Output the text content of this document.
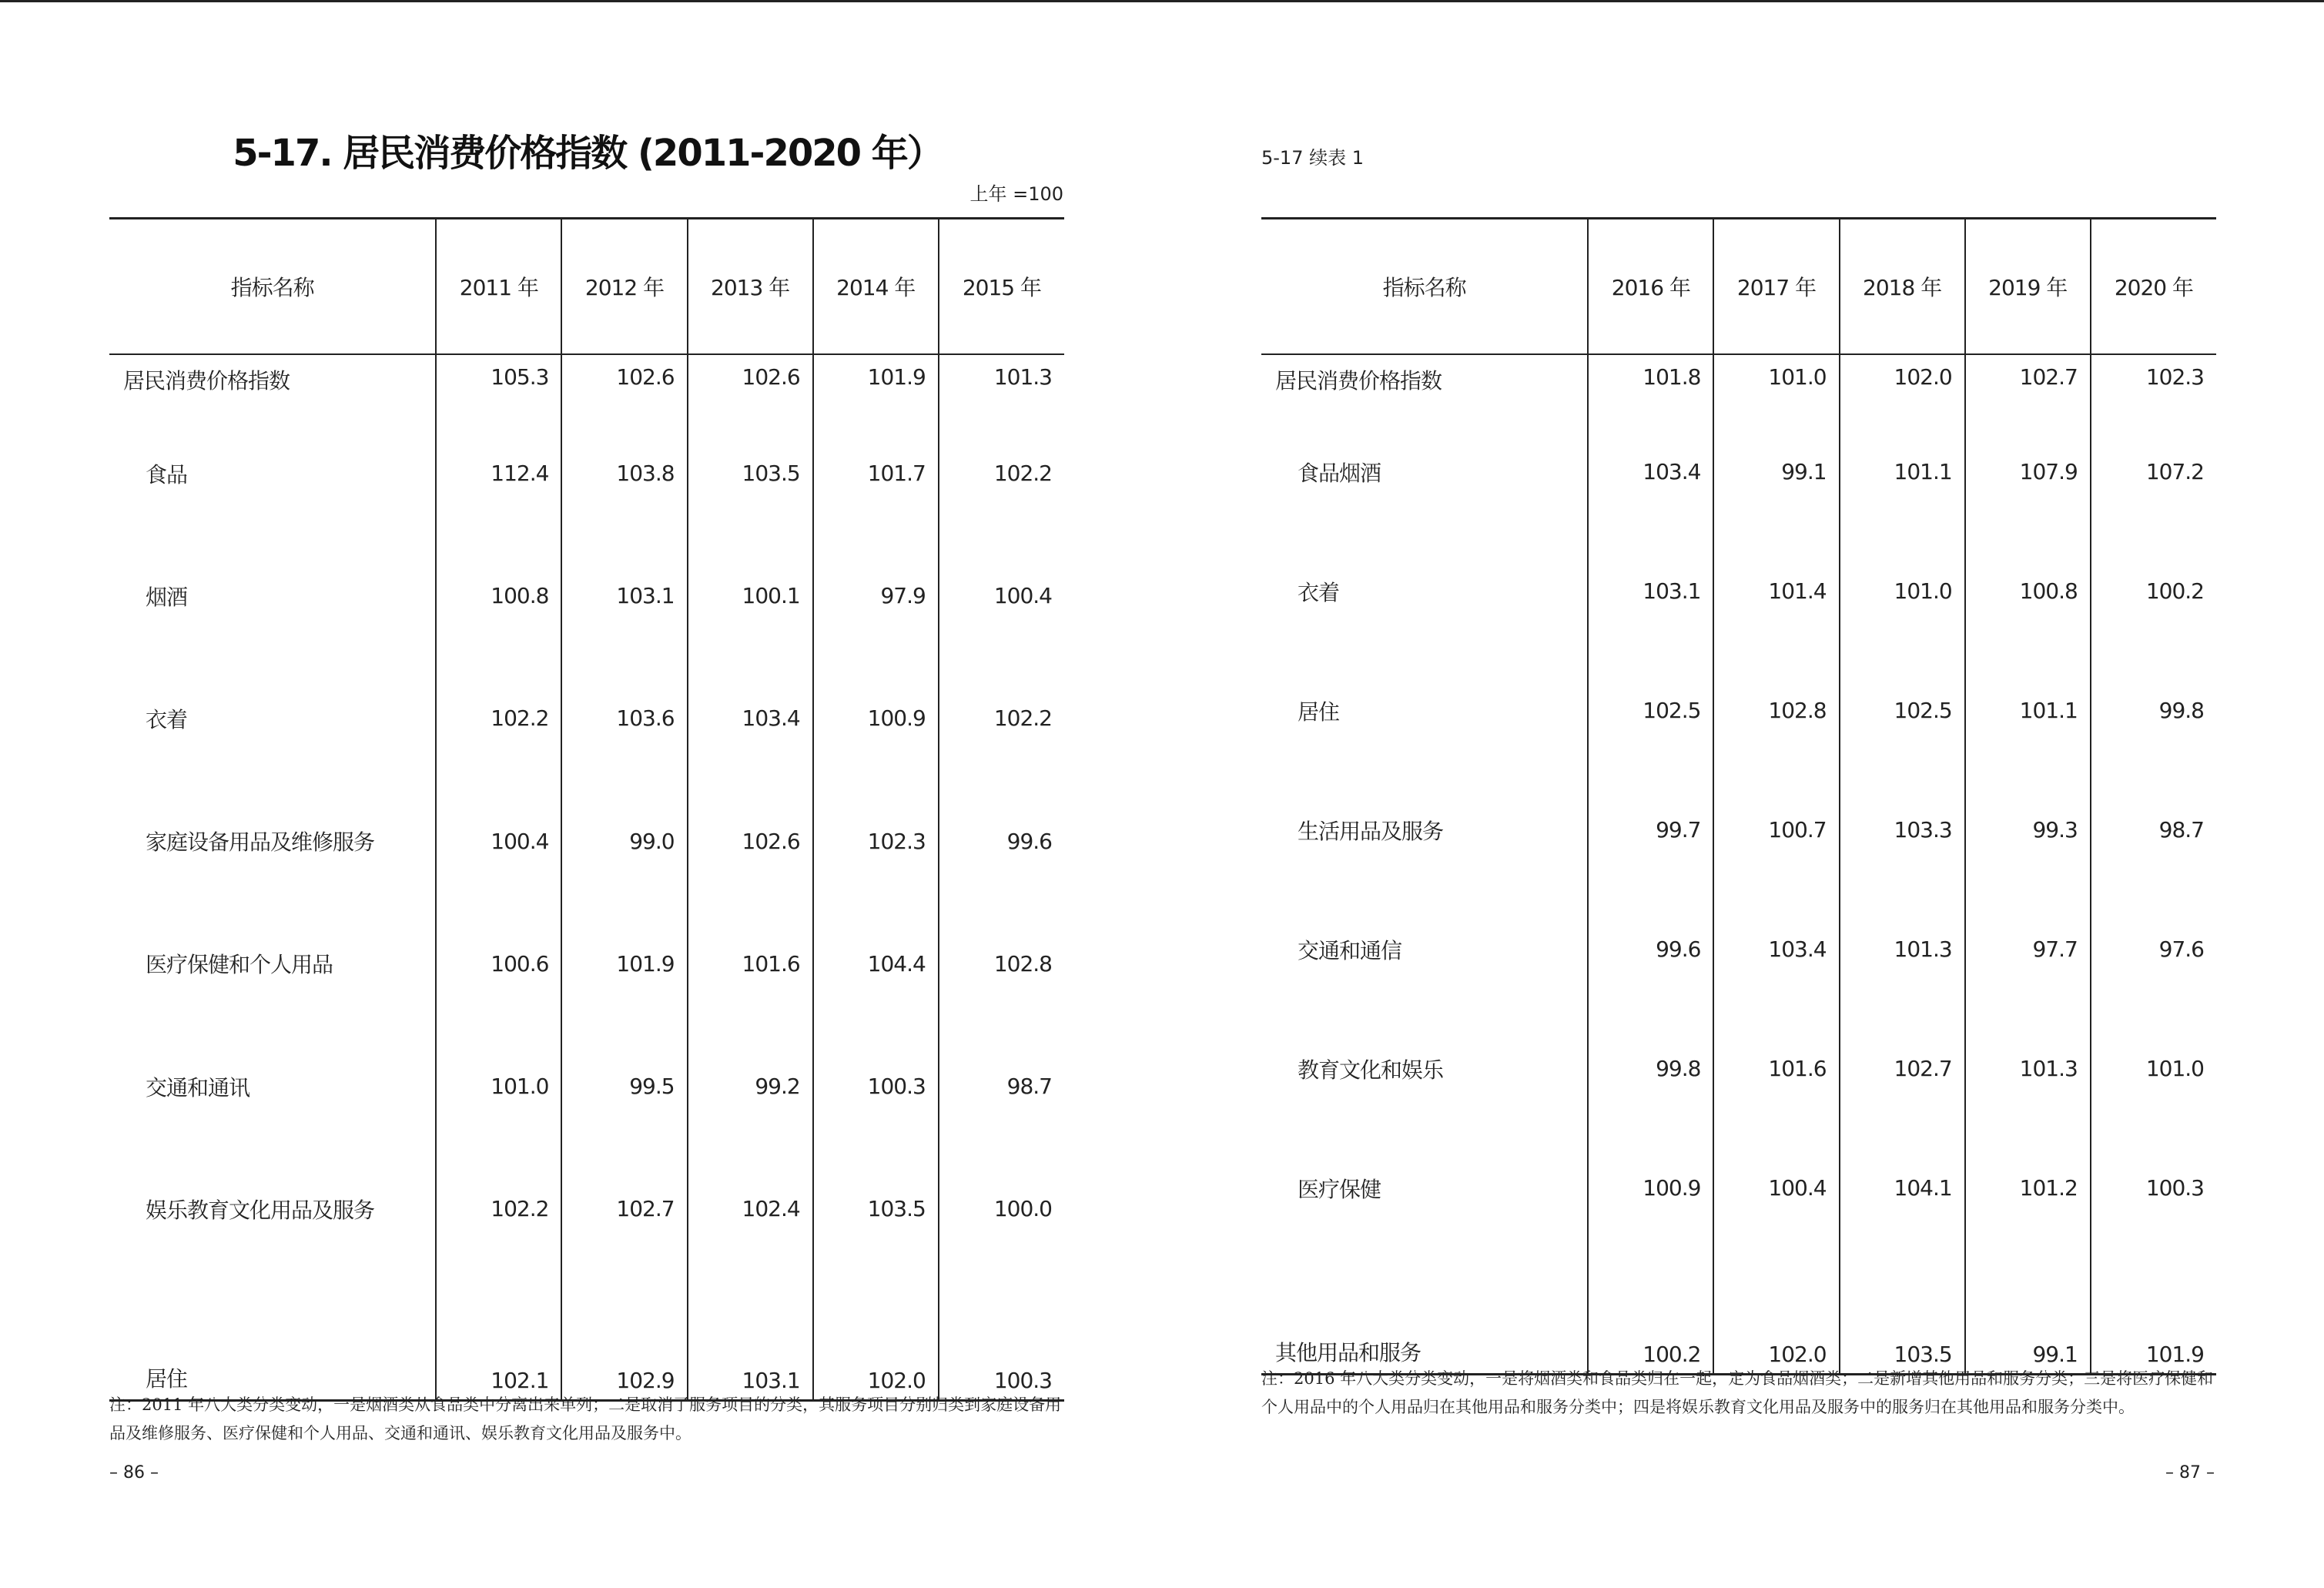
5-17. 居民消费价格指数 (2011-2020 年）
上年 =100
指标名称	2011 年	2012 年	2013 年	2014 年	2015 年
居民消费价格指数	105.3	102.6	102.6	101.9	101.3
食品	112.4	103.8	103.5	101.7	102.2
烟酒	100.8	103.1	100.1	97.9	100.4
衣着	102.2	103.6	103.4	100.9	102.2
家庭设备用品及维修服务	100.4	99.0	102.6	102.3	99.6
医疗保健和个人用品	100.6	101.9	101.6	104.4	102.8
交通和通讯	101.0	99.5	99.2	100.3	98.7
娱乐教育文化用品及服务	102.2	102.7	102.4	103.5	100.0
居住	102.1	102.9	103.1	102.0	100.3
注：2011 年八大类分类变动，一是烟酒类从食品类中分离出来单列；二是取消了服务项目的分类，其服务项目分别归类到家庭设备用品及维修服务、医疗保健和个人用品、交通和通讯、娱乐教育文化用品及服务中。
– 86 –
5-17 续表 1
指标名称	2016 年	2017 年	2018 年	2019 年	2020 年
居民消费价格指数	101.8	101.0	102.0	102.7	102.3
食品烟酒	103.4	99.1	101.1	107.9	107.2
衣着	103.1	101.4	101.0	100.8	100.2
居住	102.5	102.8	102.5	101.1	99.8
生活用品及服务	99.7	100.7	103.3	99.3	98.7
交通和通信	99.6	103.4	101.3	97.7	97.6
教育文化和娱乐	99.8	101.6	102.7	101.3	101.0
医疗保健	100.9	100.4	104.1	101.2	100.3
其他用品和服务	100.2	102.0	103.5	99.1	101.9
注：2016 年八大类分类变动，一是将烟酒类和食品类归在一起，定为食品烟酒类；二是新增其他用品和服务分类；三是将医疗保健和个人用品中的个人用品归在其他用品和服务分类中；四是将娱乐教育文化用品及服务中的服务归在其他用品和服务分类中。
– 87 –
